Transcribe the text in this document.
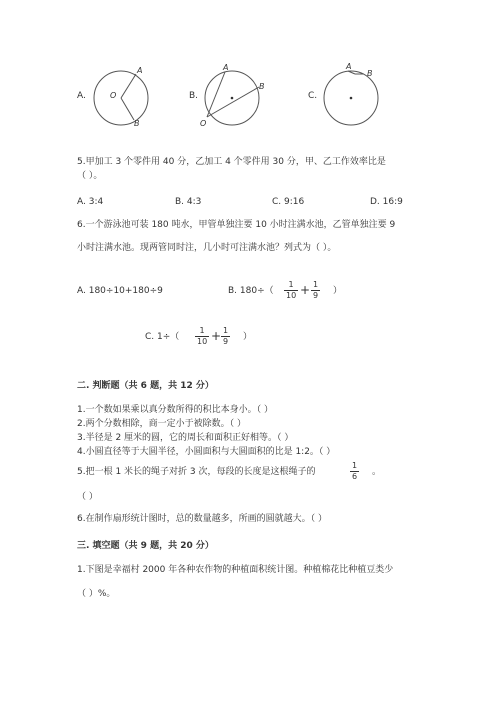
A.
A
B
O	B.
A
B
O
C.
A
B
5.甲加工 3 个零件用 40 分，乙加工 4 个零件用 30 分，甲、乙工作效率比是
（ ）。
A. 3:4	B. 4:3	C. 9:16	D. 16:9
6.一个游泳池可装 180 吨水，甲管单独注要 10 小时注满水池，乙管单独注要 9
小时注满水池。现两管同时注，几小时可注满水池？列式为（ ）。
A. 180÷10+180÷9	B. $180\div( \frac{1}{10} + \frac{1}{9}$ ）
C. $1\div( \frac{1}{10} + \frac{1}{9}$ ）
二. 判断题（共 6 题，共 12 分）
1.一个数如果乘以真分数所得的积比本身小。（ ）
2.两个分数相除，商一定小于被除数。（ ）
3.半径是 2 厘米的圆，它的周长和面积正好相等。（ ）
4.小圆直径等于大圆半径，小圆面积与大圆面积的比是 1:2。（ ）
5.把一根 1 米长的绳子对折 3 次，每段的长度是这根绳子的	$\frac{1}{6}$ 。
（ ）
6.在制作扇形统计图时，总的数量越多，所画的圆就越大。（ ）
三. 填空题（共 9 题，共 20 分）
1.下图是幸福村 2000 年各种农作物的种植面积统计图。种植棉花比种植豆类少
（ ）%。
